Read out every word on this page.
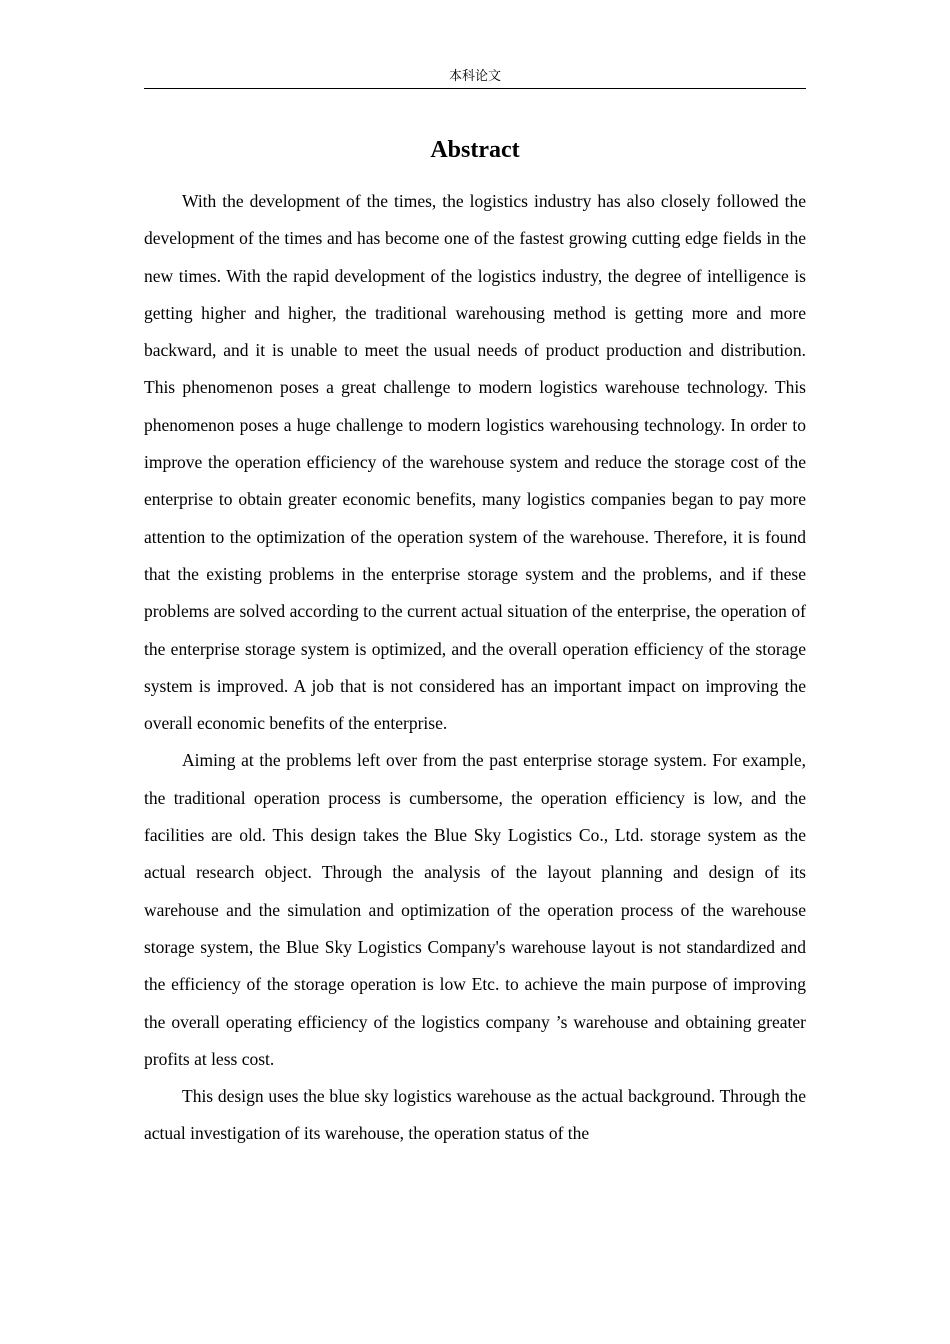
本科论文
Abstract

With the development of the times, the logistics industry has also closely followed the development of the times and has become one of the fastest growing cutting edge fields in the new times. With the rapid development of the logistics industry, the degree of intelligence is getting higher and higher, the traditional warehousing method is getting more and more backward, and it is unable to meet the usual needs of product production and distribution. This phenomenon poses a great challenge to modern logistics warehouse technology. This phenomenon poses a huge challenge to modern logistics warehousing technology. In order to improve the operation efficiency of the warehouse system and reduce the storage cost of the enterprise to obtain greater economic benefits, many logistics companies began to pay more attention to the optimization of the operation system of the warehouse. Therefore, it is found that the existing problems in the enterprise storage system and the problems, and if these problems are solved according to the current actual situation of the enterprise, the operation of the enterprise storage system is optimized, and the overall operation efficiency of the storage system is improved. A job that is not considered has an important impact on improving the overall economic benefits of the enterprise.

Aiming at the problems left over from the past enterprise storage system. For example, the traditional operation process is cumbersome, the operation efficiency is low, and the facilities are old. This design takes the Blue Sky Logistics Co., Ltd. storage system as the actual research object. Through the analysis of the layout planning and design of its warehouse and the simulation and optimization of the operation process of the warehouse storage system, the Blue Sky Logistics Company's warehouse layout is not standardized and the efficiency of the storage operation is low Etc. to achieve the main purpose of improving the overall operating efficiency of the logistics company ’s warehouse and obtaining greater profits at less cost.

This design uses the blue sky logistics warehouse as the actual background. Through the actual investigation of its warehouse, the operation status of the
